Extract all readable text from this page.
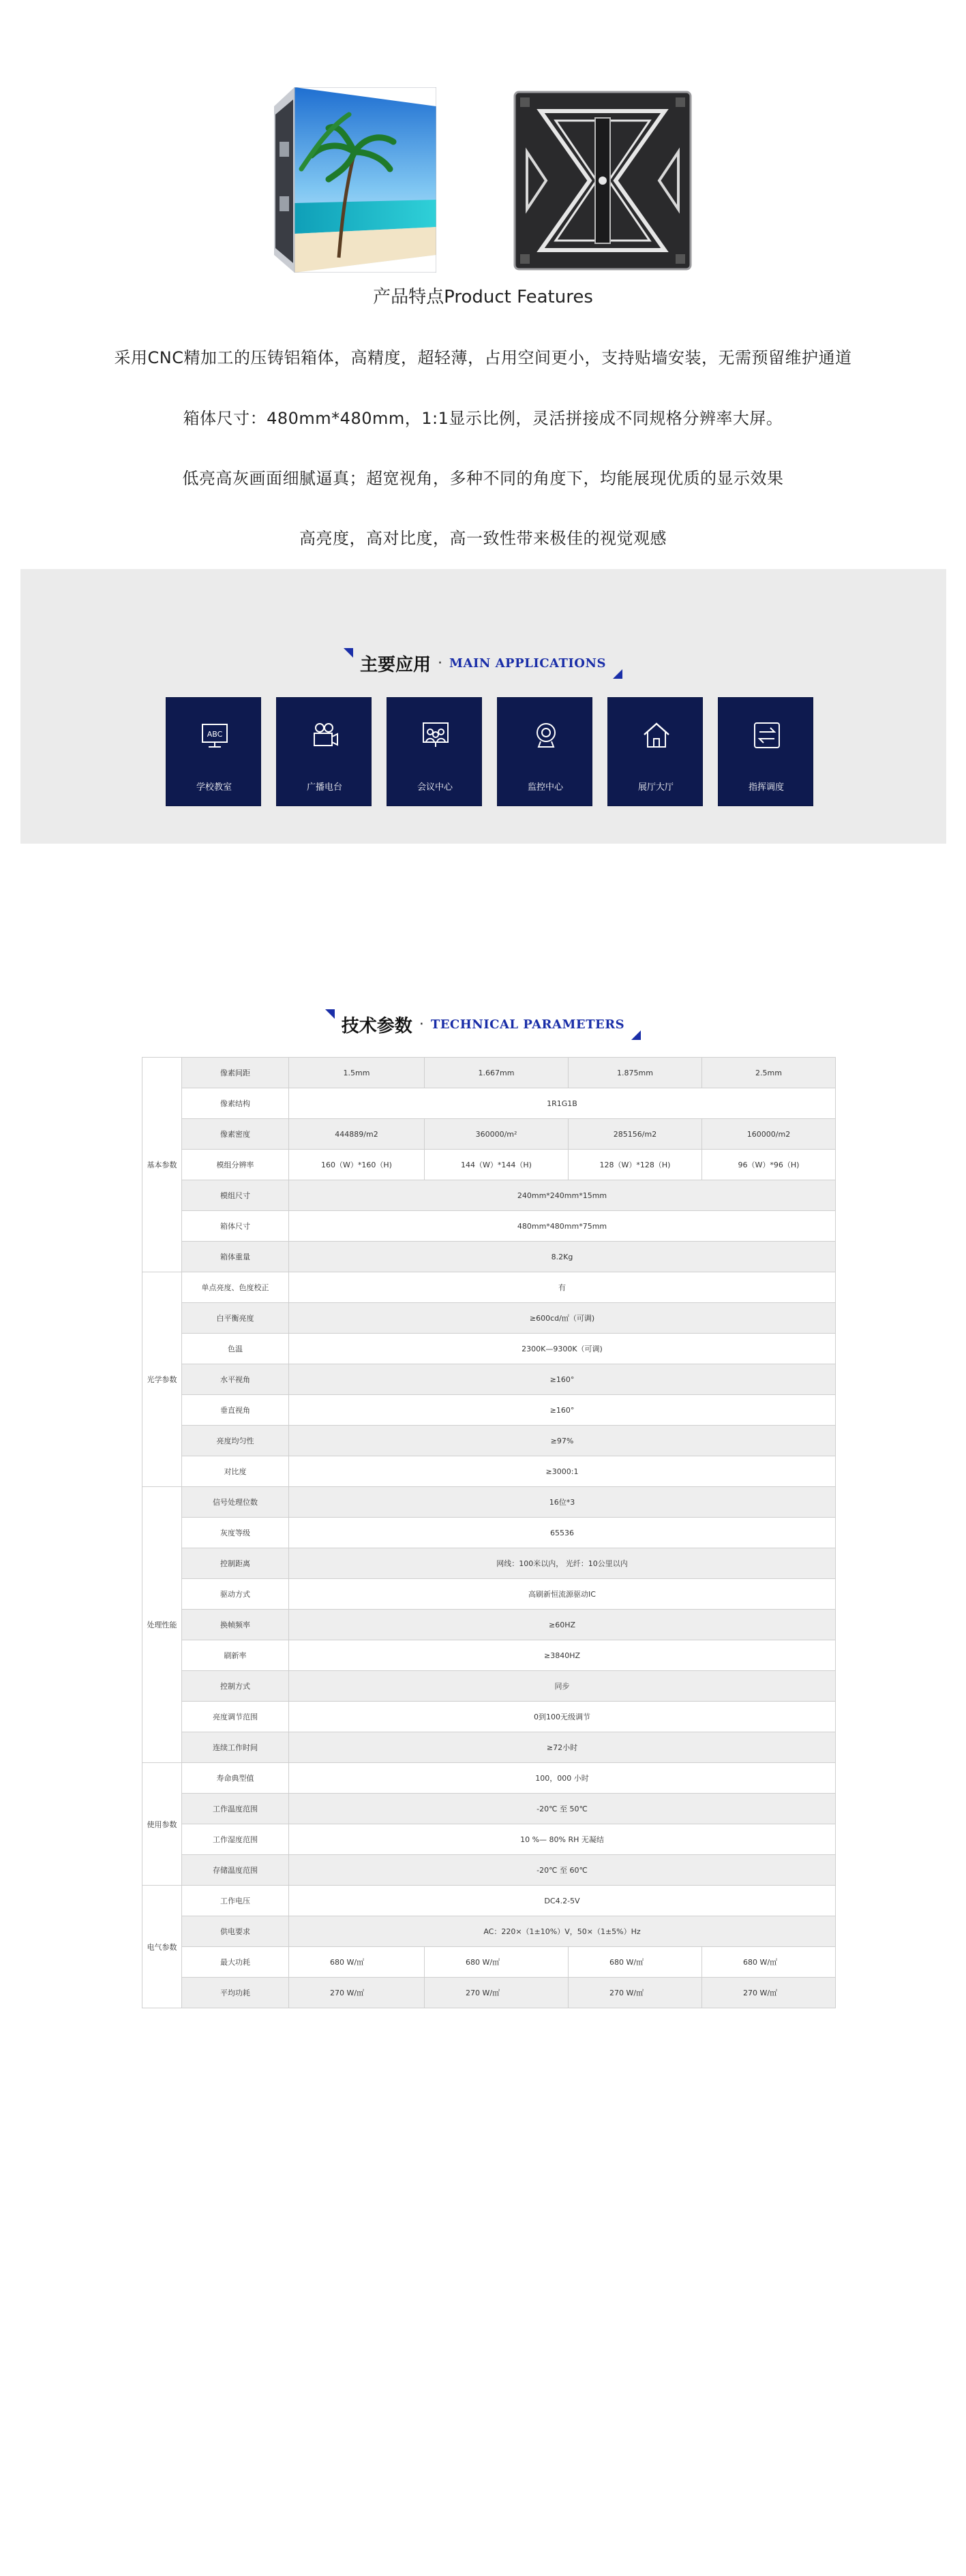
产品特点Product Features
采用CNC精加工的压铸铝箱体，高精度，超轻薄，占用空间更小，支持贴墙安装，无需预留维护通道
箱体尺寸：480mm*480mm，1:1显示比例，灵活拼接成不同规格分辨率大屏。
低亮高灰画面细腻逼真；超宽视角，多种不同的角度下，均能展现优质的显示效果
高亮度，高对比度，高一致性带来极佳的视觉观感
主要应用 · MAIN APPLICATIONS
ABC
学校教室	广播电台	会议中心	监控中心	展厅大厅	指挥调度
技术参数 · TECHNICAL PARAMETERS
基本参数	像素间距	1.5mm	1.667mm	1.875mm	2.5mm
	像素结构	1R1G1B			
	像素密度	444889/m2	360000/m²	285156/m2	160000/m2
	模组分辨率	160（W）*160（H)	144（W）*144（H)	128（W）*128（H)	96（W）*96（H)
	模组尺寸	240mm*240mm*15mm			
	箱体尺寸	480mm*480mm*75mm			
	箱体重量	8.2Kg			
光学参数	单点亮度、色度校正	有			
	白平衡亮度	≥600cd/㎡（可调)			
	色温	2300K—9300K（可调)			
	水平视角	≥160°			
	垂直视角	≥160°			
	亮度均匀性	≥97%			
	对比度	≥3000:1			
处理性能	信号处理位数	16位*3			
	灰度等级	65536			
	控制距离	网线：100米以内， 光纤：10公里以内			
	驱动方式	高刷新恒流源驱动IC			
	换帧频率	≥60HZ			
	刷新率	≥3840HZ			
	控制方式	同步			
	亮度调节范围	0到100无级调节			
	连续工作时间	≥72小时			
使用参数	寿命典型值	100，000 小时			
	工作温度范围	-20℃ 至 50℃			
	工作湿度范围	10 %— 80% RH 无凝结			
	存储温度范围	-20℃ 至 60℃			
电气参数	工作电压	DC4.2-5V			
	供电要求	AC：220×（1±10%）V，50×（1±5%）Hz			
	最大功耗	680 W/㎡	680 W/㎡	680 W/㎡	680 W/㎡
	平均功耗	270 W/㎡	270 W/㎡	270 W/㎡	270 W/㎡
